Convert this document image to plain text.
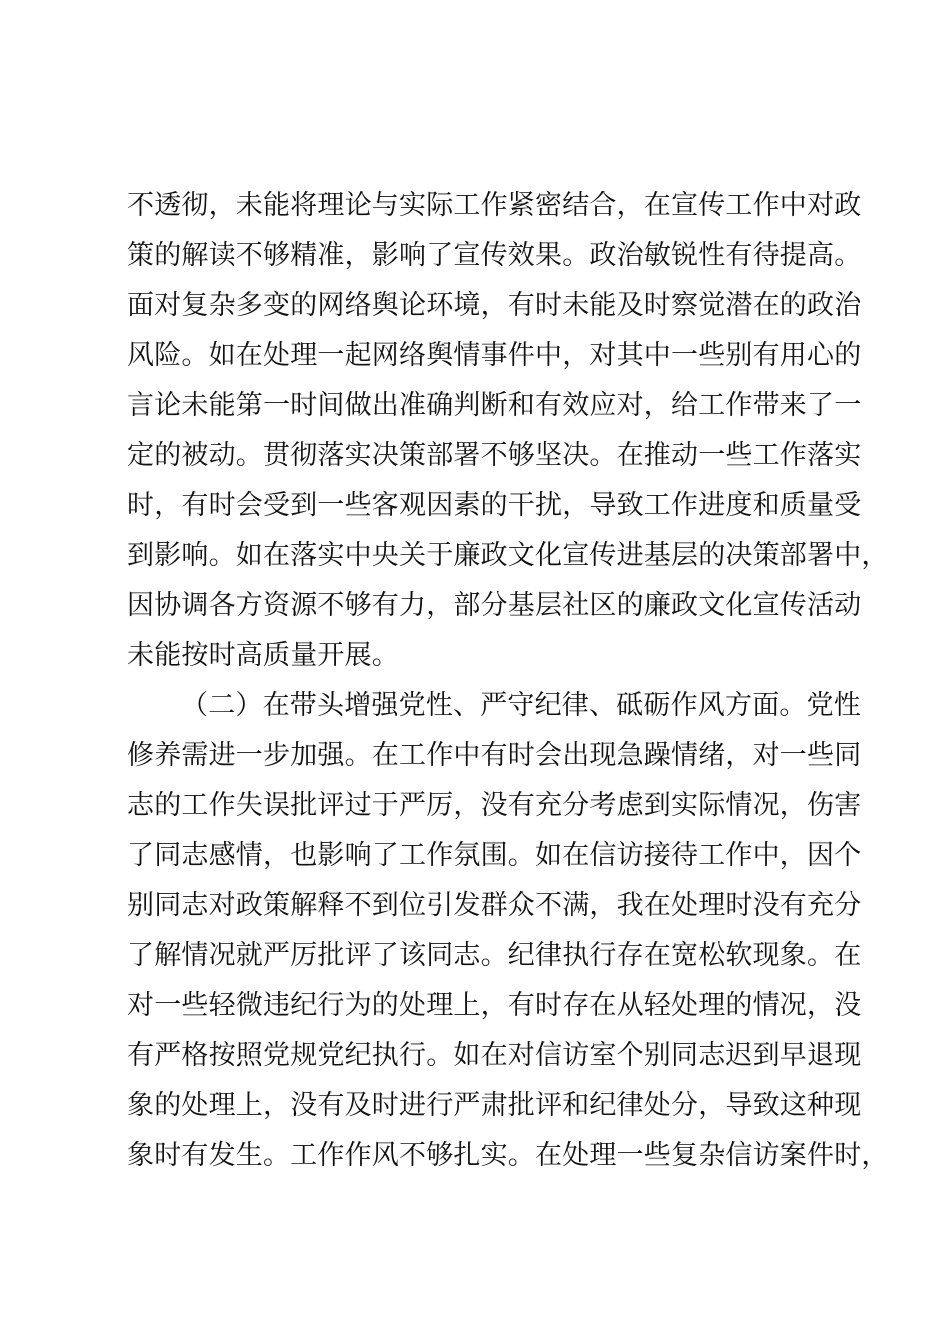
不透彻，未能将理论与实际工作紧密结合，在宣传工作中对政
策的解读不够精准，影响了宣传效果。政治敏锐性有待提高。
面对复杂多变的网络舆论环境，有时未能及时察觉潜在的政治
风险。如在处理一起网络舆情事件中，对其中一些别有用心的
言论未能第一时间做出准确判断和有效应对，给工作带来了一
定的被动。贯彻落实决策部署不够坚决。在推动一些工作落实
时，有时会受到一些客观因素的干扰，导致工作进度和质量受
到影响。如在落实中央关于廉政文化宣传进基层的决策部署中，
因协调各方资源不够有力，部分基层社区的廉政文化宣传活动
未能按时高质量开展。
（二）在带头增强党性、严守纪律、砥砺作风方面。党性
修养需进一步加强。在工作中有时会出现急躁情绪，对一些同
志的工作失误批评过于严厉，没有充分考虑到实际情况，伤害
了同志感情，也影响了工作氛围。如在信访接待工作中，因个
别同志对政策解释不到位引发群众不满，我在处理时没有充分
了解情况就严厉批评了该同志。纪律执行存在宽松软现象。在
对一些轻微违纪行为的处理上，有时存在从轻处理的情况，没
有严格按照党规党纪执行。如在对信访室个别同志迟到早退现
象的处理上，没有及时进行严肃批评和纪律处分，导致这种现
象时有发生。工作作风不够扎实。在处理一些复杂信访案件时，
